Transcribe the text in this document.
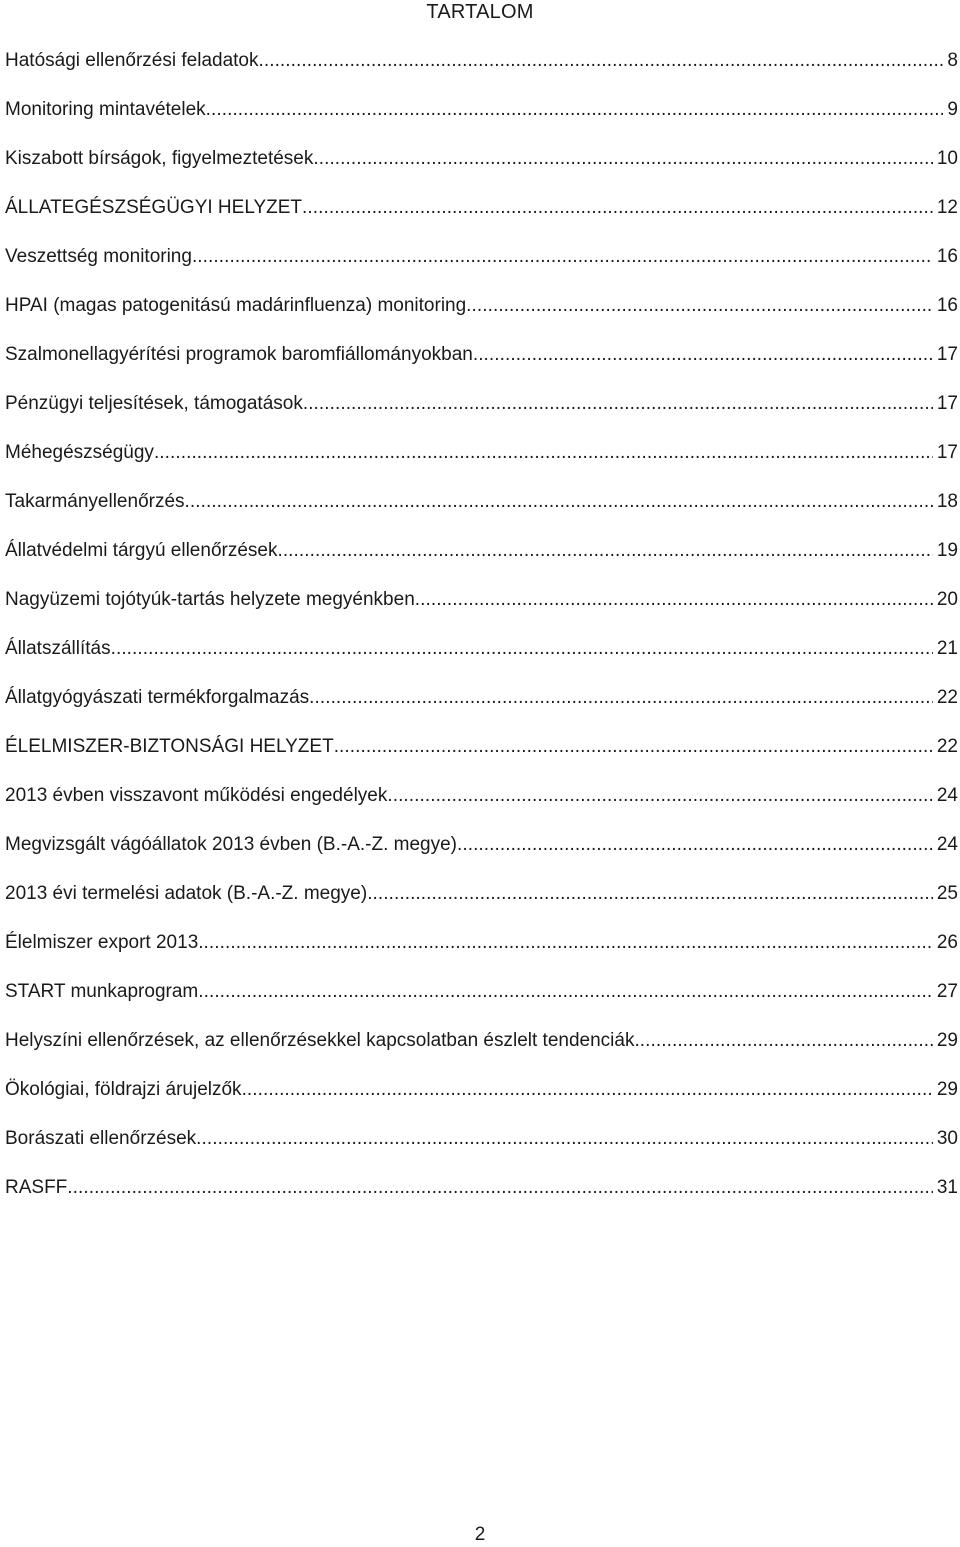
TARTALOM
Hatósági ellenőrzési feladatok . . .	8
Monitoring mintavételek . . .	9
Kiszabott bírságok, figyelmeztetések . . .	10
ÁLLATEGÉSZSÉGÜGYI HELYZET . . .	12
Veszettség monitoring . . .	16
HPAI (magas patogenitású madárinfluenza) monitoring . . .	16
Szalmonellagyérítési programok baromfiállományokban . . .	17
Pénzügyi teljesítések, támogatások . . .	17
Méhegészségügy . . .	17
Takarmányellenőrzés . . .	18
Állatvédelmi tárgyú ellenőrzések . . .	19
Nagyüzemi tojótyúk-tartás helyzete megyénkben . . .	20
Állatszállítás . . .	21
Állatgyógyászati termékforgalmazás . . .	22
ÉLELMISZER-BIZTONSÁGI HELYZET . . .	22
2013 évben visszavont működési engedélyek . . .	24
Megvizsgált vágóállatok 2013 évben (B.-A.-Z. megye) . . .	24
2013 évi termelési adatok (B.-A.-Z. megye) . . .	25
Élelmiszer export 2013. . . .	26
START munkaprogram . . .	27
Helyszíni ellenőrzések, az ellenőrzésekkel kapcsolatban észlelt tendenciák . . .	29
Ökológiai, földrajzi árujelzők . . .	29
Borászati ellenőrzések . . .	30
RASFF . . .	31
2
